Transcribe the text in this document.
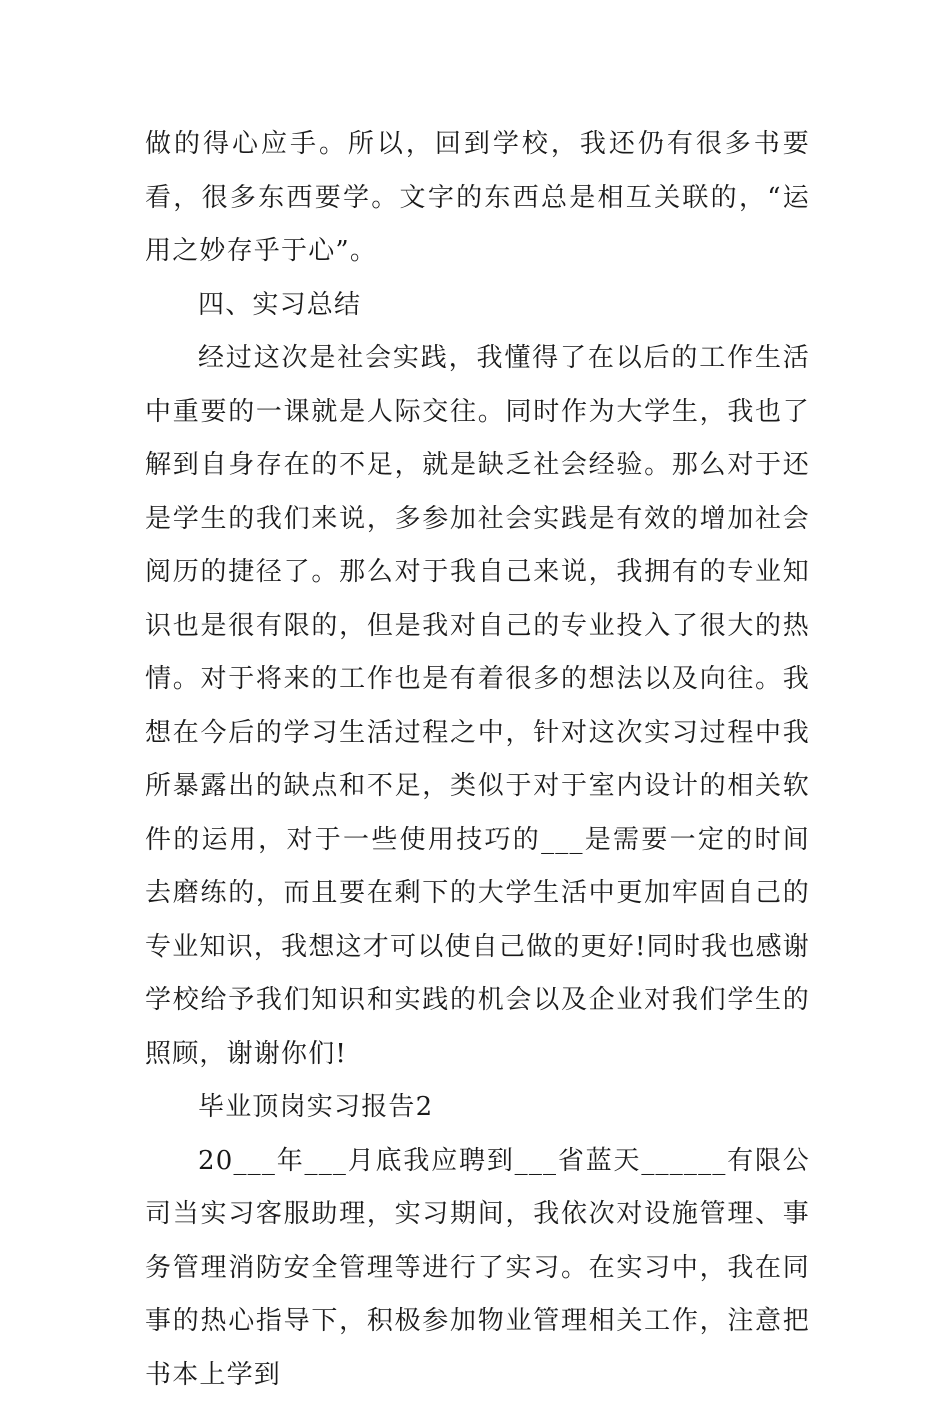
做的得心应手。所以，回到学校，我还仍有很多书要看，很多东西要学。文字的东西总是相互关联的，“运用之妙存乎于心”。

四、实习总结

经过这次是社会实践，我懂得了在以后的工作生活中重要的一课就是人际交往。同时作为大学生，我也了解到自身存在的不足，就是缺乏社会经验。那么对于还是学生的我们来说，多参加社会实践是有效的增加社会阅历的捷径了。那么对于我自己来说，我拥有的专业知识也是很有限的，但是我对自己的专业投入了很大的热情。对于将来的工作也是有着很多的想法以及向往。我想在今后的学习生活过程之中，针对这次实习过程中我所暴露出的缺点和不足，类似于对于室内设计的相关软件的运用，对于一些使用技巧的___是需要一定的时间去磨练的，而且要在剩下的大学生活中更加牢固自己的专业知识，我想这才可以使自己做的更好!同时我也感谢学校给予我们知识和实践的机会以及企业对我们学生的照顾，谢谢你们!

毕业顶岗实习报告2

20___年___月底我应聘到___省蓝天______有限公司当实习客服助理，实习期间，我依次对设施管理、事务管理消防安全管理等进行了实习。在实习中，我在同事的热心指导下，积极参加物业管理相关工作，注意把书本上学到
